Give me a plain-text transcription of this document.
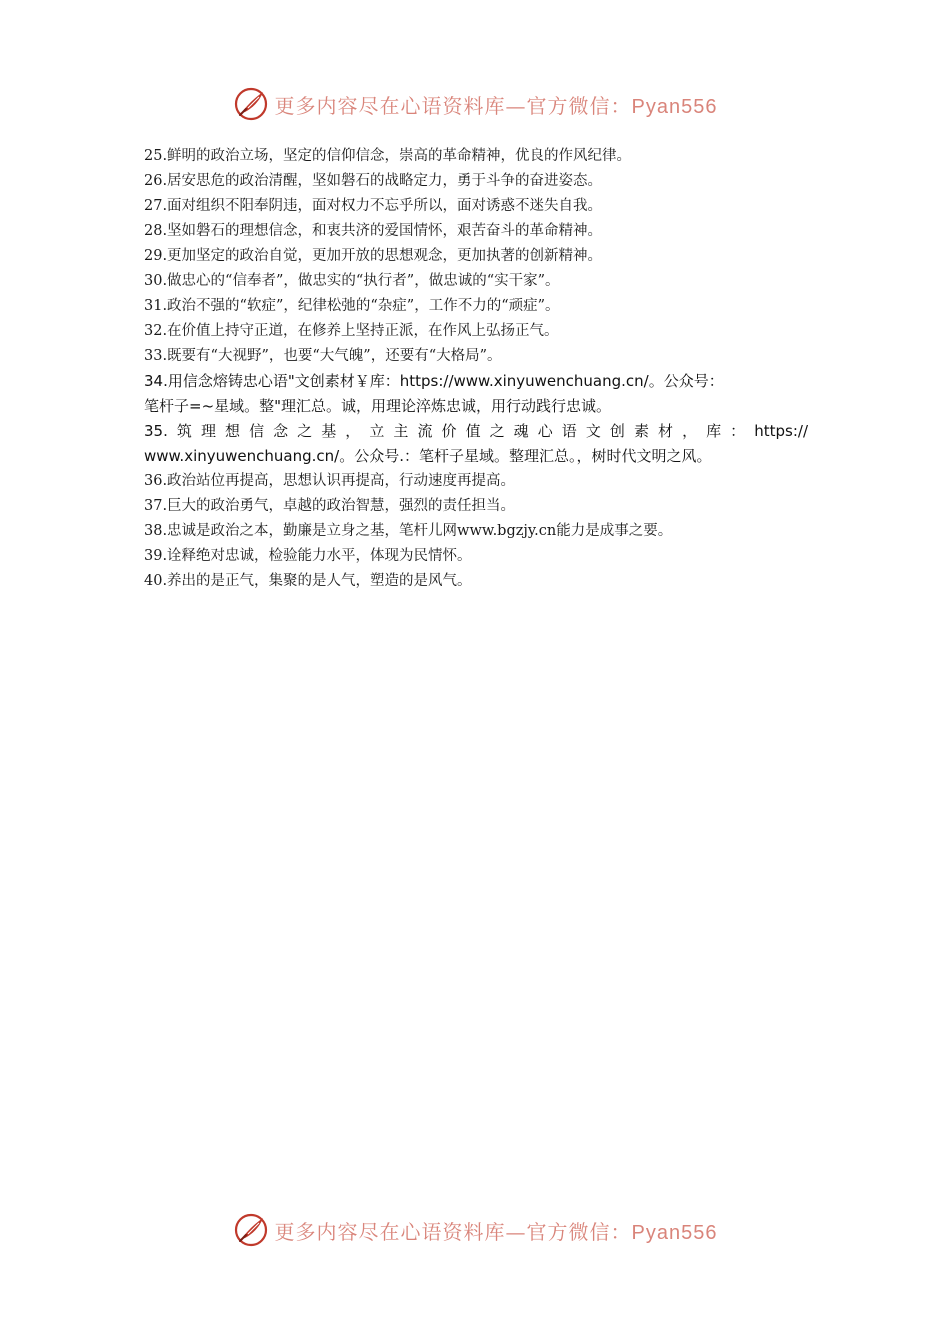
更多内容尽在心语资料库—官方微信：Pyan556
25.鲜明的政治立场，坚定的信仰信念，崇高的革命精神，优良的作风纪律。
26.居安思危的政治清醒，坚如磐石的战略定力，勇于斗争的奋进姿态。
27.面对组织不阳奉阴违，面对权力不忘乎所以，面对诱惑不迷失自我。
28.坚如磐石的理想信念，和衷共济的爱国情怀，艰苦奋斗的革命精神。
29.更加坚定的政治自觉，更加开放的思想观念，更加执著的创新精神。
30.做忠心的“信奉者”，做忠实的“执行者”，做忠诚的“实干家”。
31.政治不强的“软症”，纪律松弛的“杂症”，工作不力的“顽症”。
32.在价值上持守正道，在修养上坚持正派，在作风上弘扬正气。
33.既要有“大视野”，也要“大气魄”，还要有“大格局”。
34.用信念熔铸忠心语"文创素材￥库：https://www.xinyuwenchuang.cn/。公众号：
笔杆子=~星域。整"理汇总。诚，用理论淬炼忠诚，用行动践行忠诚。
35.筑理想信念之基，立主流价值之魂心语文创素材，库：https://
www.xinyuwenchuang.cn/。公众号.：笔杆子星域。整理汇总。，树时代文明之风。
36.政治站位再提高，思想认识再提高，行动速度再提高。
37.巨大的政治勇气，卓越的政治智慧，强烈的责任担当。
38.忠诚是政治之本，勤廉是立身之基，笔杆儿网www.bgzjy.cn能力是成事之要。
39.诠释绝对忠诚，检验能力水平，体现为民情怀。
40.养出的是正气，集聚的是人气，塑造的是风气。
更多内容尽在心语资料库—官方微信：Pyan556
